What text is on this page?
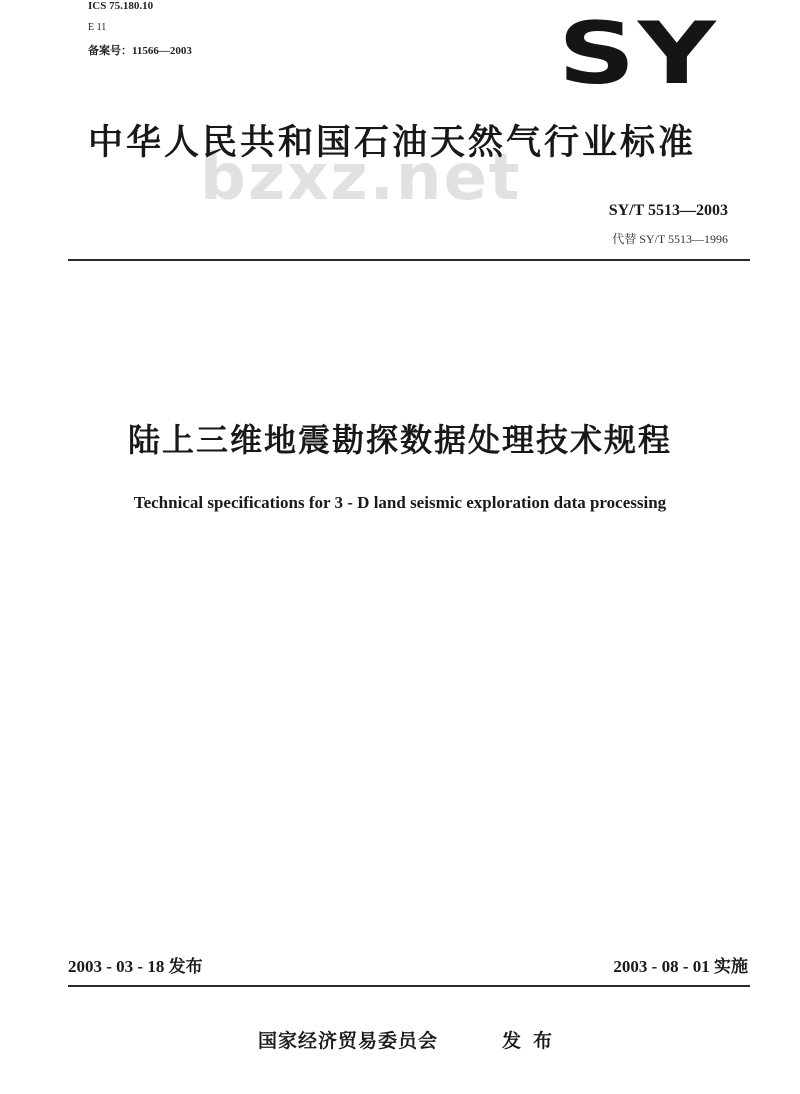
ICS 75.180.10
E 11
备案号：11566—2003	SY
bzxz.net
中华人民共和国石油天然气行业标准
SY/T 5513—2003
代替 SY/T 5513—1996
陆上三维地震勘探数据处理技术规程
Technical specifications for 3 - D land seismic exploration data processing
2003 - 03 - 18 发布	2003 - 08 - 01 实施
国家经济贸易委员会	发布
